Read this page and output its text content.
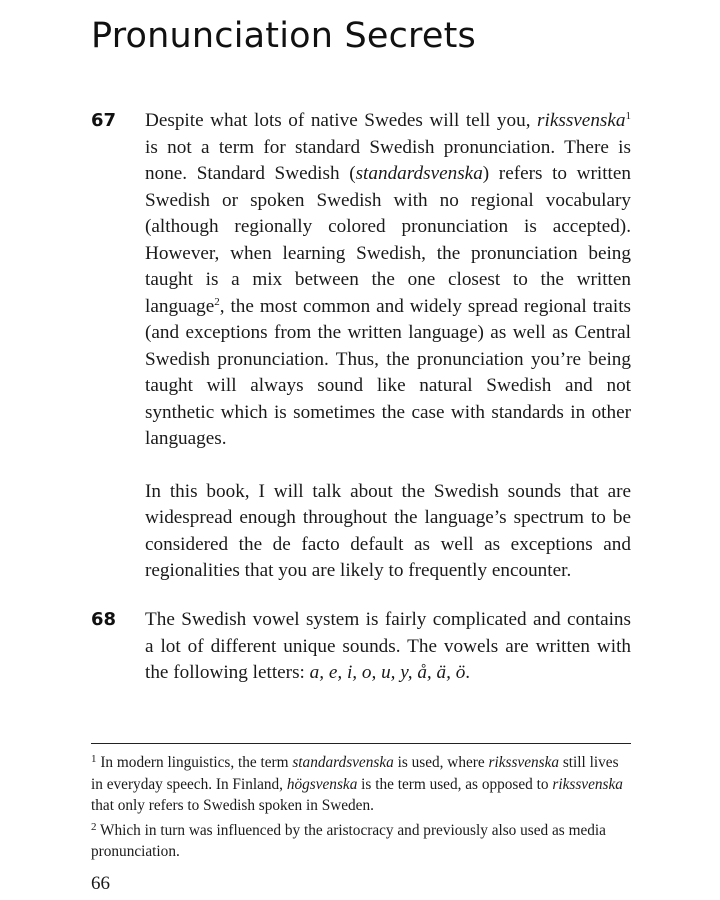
Pronunciation Secrets
67 Despite what lots of native Swedes will tell you, rikssvenska$^1$ is not a term for standard Swedish pronunciation. There is none. Standard Swedish (standardsvenska) refers to written Swedish or spoken Swedish with no regional vocabulary (although regionally colored pronunciation is accepted). However, when learning Swedish, the pronunciation being taught is a mix between the one closest to the written language$^2$, the most common and widely spread regional traits (and exceptions from the written language) as well as Central Swedish pronunciation. Thus, the pronunciation you’re being taught will always sound like natural Swedish and not synthetic which is sometimes the case with standards in other languages.

In this book, I will talk about the Swedish sounds that are widespread enough throughout the language’s spectrum to be considered the de facto default as well as exceptions and regionalities that you are likely to frequently encounter.

68 The Swedish vowel system is fairly complicated and contains a lot of different unique sounds. The vowels are written with the following letters: a, e, i, o, u, y, å, ä, ö.

$^1$ In modern linguistics, the term standardsvenska is used, where rikssvenska still lives in everyday speech. In Finland, högsvenska is the term used, as opposed to rikssvenska that only refers to Swedish spoken in Sweden.

$^2$ Which in turn was influenced by the aristocracy and previously also used as media pronunciation.

66
